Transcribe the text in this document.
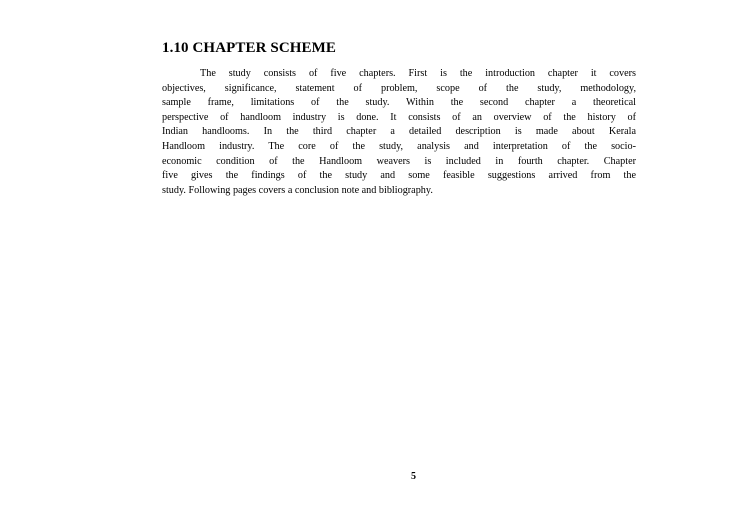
1.10 CHAPTER SCHEME

The study consists of five chapters. First is the introduction chapter it covers
objectives, significance, statement of problem, scope of the study, methodology,
sample frame, limitations of the study. Within the second chapter a theoretical
perspective of handloom industry is done. It consists of an overview of the history of
Indian handlooms. In the third chapter a detailed description is made about Kerala
Handloom industry. The core of the study, analysis and interpretation of the socio-
economic condition of the Handloom weavers is included in fourth chapter. Chapter
five gives the findings of the study and some feasible suggestions arrived from the
study. Following pages covers a conclusion note and bibliography.

5
